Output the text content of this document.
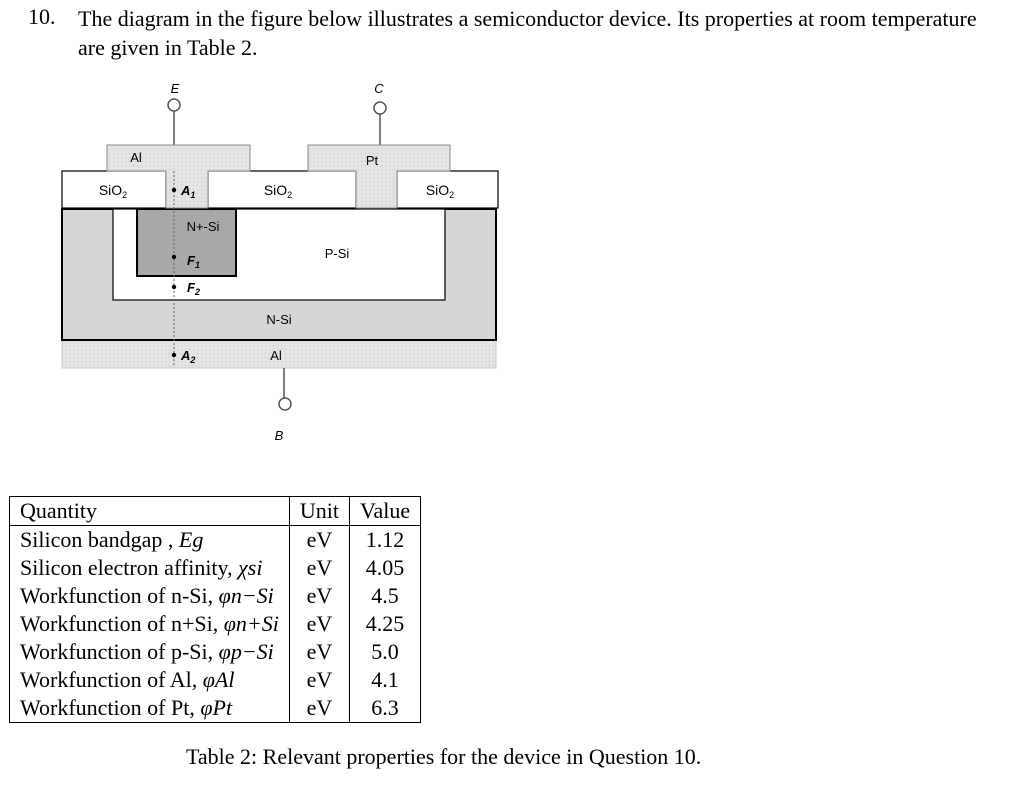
10. The diagram in the figure below illustrates a semiconductor device. Its properties at room temperature are given in Table 2.
E	C
Al	Pt
SiO$_2$	SiO$_2$	SiO$_2$
N+-Si
P-Si
N-Si
Al
$A_1$
$F_1$
$F_2$
$A_2$
B
Quantity	Unit	Value
Silicon bandgap , Eg	eV	1.12
Silicon electron affinity, χsi	eV	4.05
Workfunction of n-Si, φn−Si	eV	4.5
Workfunction of n+Si, φn+Si	eV	4.25
Workfunction of p-Si, φp−Si	eV	5.0
Workfunction of Al, φAl	eV	4.1
Workfunction of Pt, φPt	eV	6.3
Table 2: Relevant properties for the device in Question 10.
